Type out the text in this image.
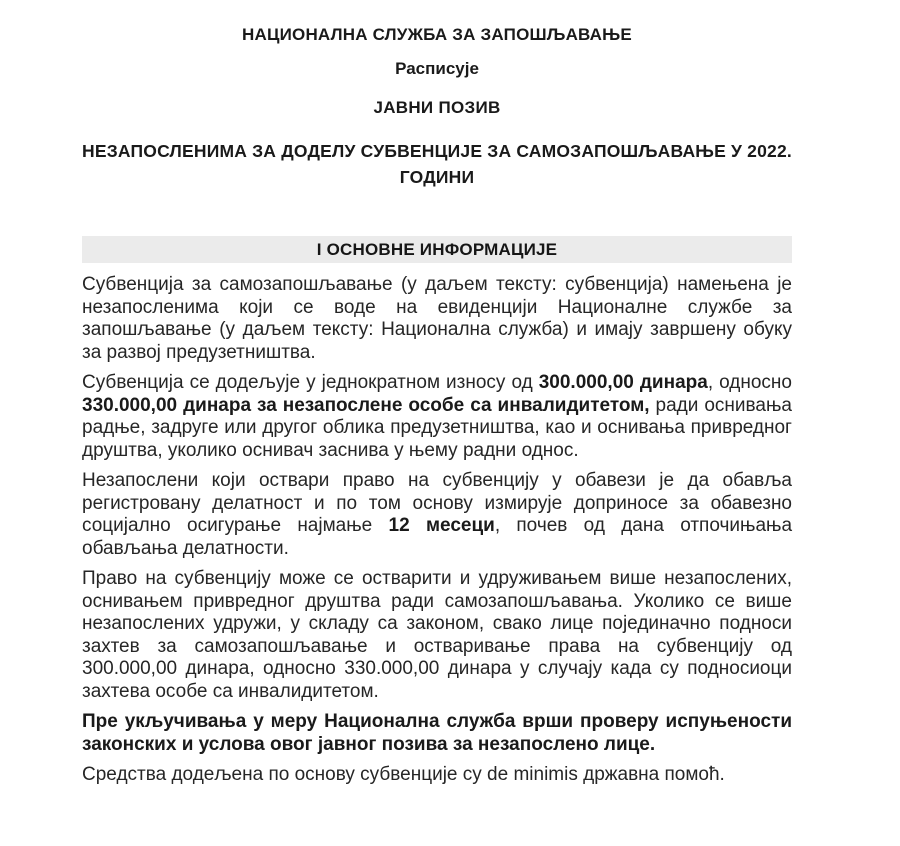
НАЦИОНАЛНА СЛУЖБА ЗА ЗАПОШЉАВАЊЕ
Расписује
ЈАВНИ ПОЗИВ
НЕЗАПОСЛЕНИМА ЗА ДОДЕЛУ СУБВЕНЦИЈЕ ЗА САМОЗАПОШЉАВАЊЕ У 2022. ГОДИНИ
I ОСНОВНЕ ИНФОРМАЦИЈЕ

Субвенција за самозапошљавање (у даљем тексту: субвенција) намењена је незапосленима који се воде на евиденцији Националне службе за запошљавање (у даљем тексту: Национална служба) и имају завршену обуку за развој предузетништва.

Субвенција се додељује у једнократном износу од 300.000,00 динара, односно 330.000,00 динара за незапослене особе са инвалидитетом, ради оснивања радње, задруге или другог облика предузетништва, као и оснивања привредног друштва, уколико оснивач заснива у њему радни однос.

Незапослени који оствари право на субвенцију у обавези је да обавља регистровану делатност и по том основу измирује доприносе за обавезно социјално осигурање најмање 12 месеци, почев од дана отпочињања обављања делатности.

Право на субвенцију може се остварити и удруживањем више незапослених, оснивањем привредног друштва ради самозапошљавања. Уколико се више незапослених удружи, у складу са законом, свако лице појединачно подноси захтев за самозапошљавање и остваривање права на субвенцију од 300.000,00 динара, односно 330.000,00 динара у случају када су подносиоци захтева особе са инвалидитетом.

Пре укључивања у меру Национална служба врши проверу испуњености законских и услова овог јавног позива за незапослено лице.

Средства додељена по основу субвенције су de minimis државна помоћ.
